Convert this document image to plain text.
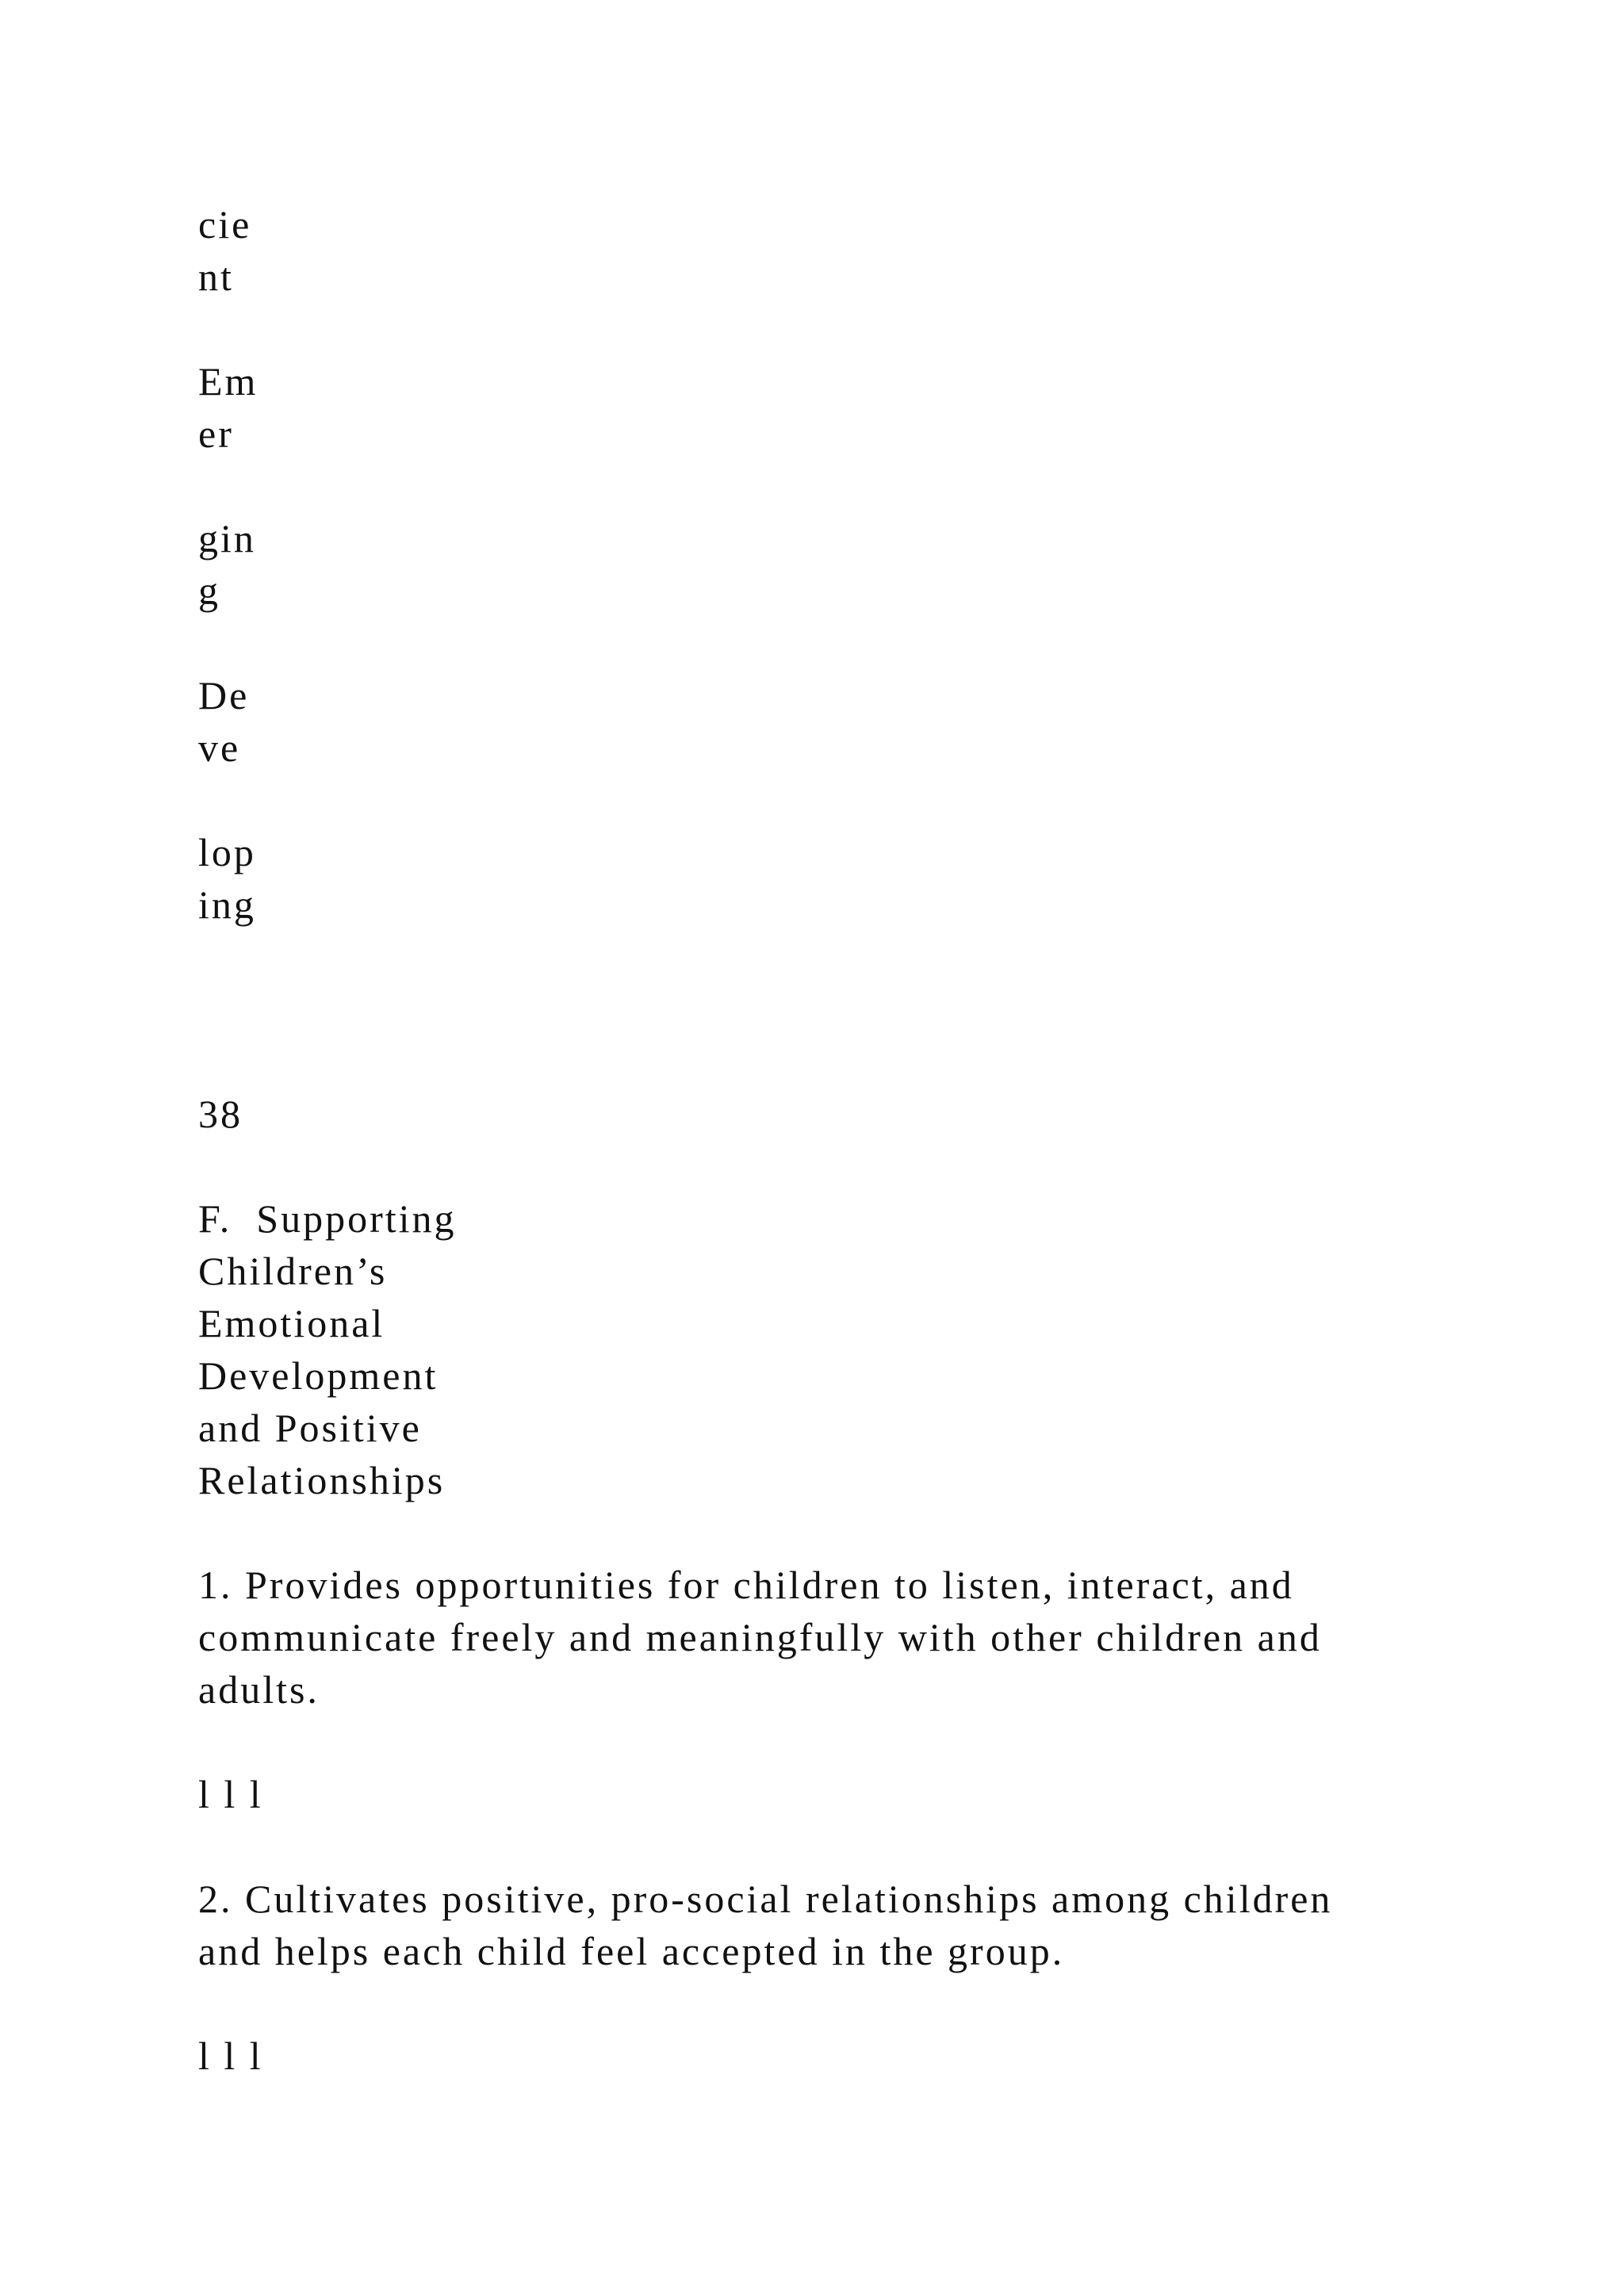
cie

nt

Em

er

gin

g

De

ve

lop

ing

38

F.  Supporting

Children’s

Emotional

Development

and Positive

Relationships

1. Provides opportunities for children to listen, interact, and

communicate freely and meaningfully with other children and

adults.

l l l

2. Cultivates positive, pro-social relationships among children

and helps each child feel accepted in the group.

l l l
